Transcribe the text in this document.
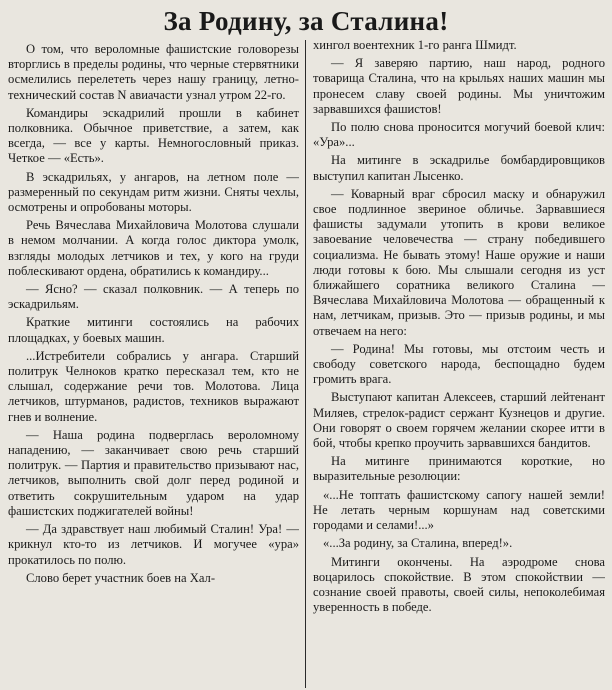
За Родину, за Сталина!

О том, что вероломные фашистские головорезы вторглись в пределы родины, что черные стервятники осмелились перелететь через нашу границу, летно-технический состав N авиачасти узнал утром 22-го.

Командиры эскадрилий прошли в кабинет полковника. Обычное приветствие, а затем, как всегда, — все у карты. Немногословный приказ. Четкое — «Есть».

В эскадрильях, у ангаров, на летном поле — размеренный по секундам ритм жизни. Сняты чехлы, осмотрены и опробованы моторы.

Речь Вячеслава Михайловича Молотова слушали в немом молчании. А когда голос диктора умолк, взгляды молодых летчиков и тех, у кого на груди поблескивают ордена, обратились к командиру...

— Ясно? — сказал полковник. — А теперь по эскадрильям.

Краткие митинги состоялись на рабочих площадках, у боевых машин.

...Истребители собрались у ангара. Старший политрук Челноков кратко пересказал тем, кто не слышал, содержание речи тов. Молотова. Лица летчиков, штурманов, радистов, техников выражают гнев и волнение.

— Наша родина подверглась вероломному нападению, — заканчивает свою речь старший политрук. — Партия и правительство призывают нас, летчиков, выполнить свой долг перед родиной и ответить сокрушительным ударом на удар фашистских поджигателей войны!

— Да здравствует наш любимый Сталин! Ура! — крикнул кто-то из летчиков. И могучее «ура» прокатилось по полю.

Слово берет участник боев на Хал-

хингол воентехник 1-го ранга Шмидт.

— Я заверяю партию, наш народ, родного товарища Сталина, что на крыльях наших машин мы пронесем славу своей родины. Мы уничтожим зарвавшихся фашистов!

По полю снова проносится могучий боевой клич: «Ура»...

На митинге в эскадрилье бомбардировщиков выступил капитан Лысенко.

— Коварный враг сбросил маску и обнаружил свое подлинное звериное обличье. Зарвавшиеся фашисты задумали утопить в крови великое завоевание человечества — страну победившего социализма. Не бывать этому! Наше оружие и наши люди готовы к бою. Мы слышали сегодня из уст ближайшего соратника великого Сталина — Вячеслава Михайловича Молотова — обращенный к нам, летчикам, призыв. Это — призыв родины, и мы отвечаем на него:

— Родина! Мы готовы, мы отстоим честь и свободу советского народа, беспощадно будем громить врага.

Выступают капитан Алексеев, старший лейтенант Миляев, стрелок-радист сержант Кузнецов и другие. Они говорят о своем горячем желании скорее итти в бой, чтобы крепко проучить зарвавшихся бандитов.

На митинге принимаются короткие, но выразительные резолюции:

«...Не топтать фашистскому сапогу нашей земли! Не летать черным коршунам над советскими городами и селами!...»

«...За родину, за Сталина, вперед!».

Митинги окончены. На аэродроме снова воцарилось спокойствие. В этом спокойствии — сознание своей правоты, своей силы, непоколебимая уверенность в победе.
